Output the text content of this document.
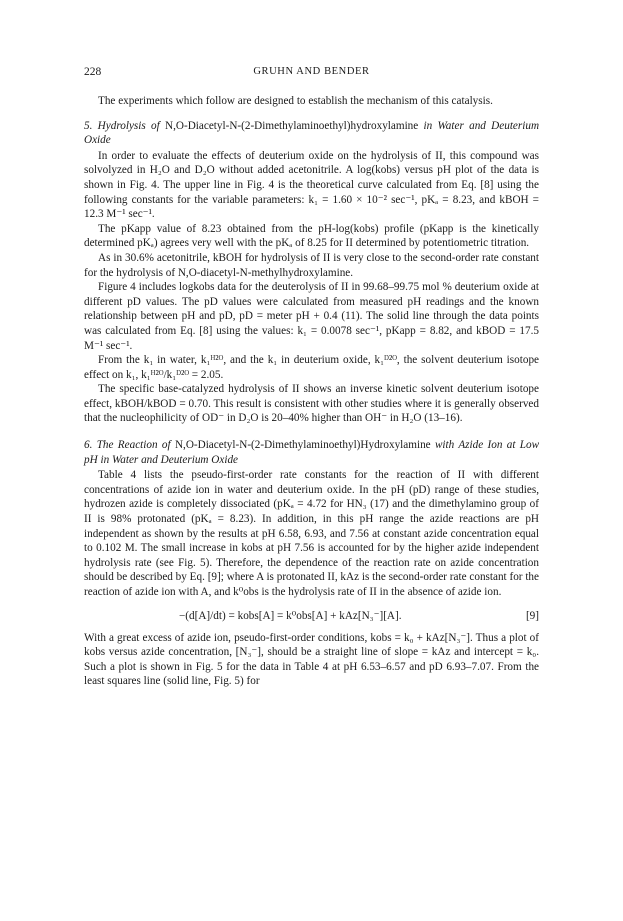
228	GRUHN AND BENDER

The experiments which follow are designed to establish the mechanism of this catalysis.

5. Hydrolysis of N,O-Diacetyl-N-(2-Dimethylaminoethyl)hydroxylamine in Water and Deuterium Oxide

In order to evaluate the effects of deuterium oxide on the hydrolysis of II, this compound was solvolyzed in H₂O and D₂O without added acetonitrile. A log(kobs) versus pH plot of the data is shown in Fig. 4. The upper line in Fig. 4 is the theoretical curve calculated from Eq. [8] using the following constants for the variable parameters: k₁ = 1.60 × 10⁻² sec⁻¹, pKₐ = 8.23, and kBOH = 12.3 M⁻¹ sec⁻¹.

The pKapp value of 8.23 obtained from the pH-log(kobs) profile (pKapp is the kinetically determined pKₐ) agrees very well with the pKₐ of 8.25 for II determined by potentiometric titration.

As in 30.6% acetonitrile, kBOH for hydrolysis of II is very close to the second-order rate constant for the hydrolysis of N,O-diacetyl-N-methylhydroxylamine.

Figure 4 includes logkobs data for the deuterolysis of II in 99.68–99.75 mol % deuterium oxide at different pD values. The pD values were calculated from measured pH readings and the known relationship between pH and pD, pD = meter pH + 0.4 (11). The solid line through the data points was calculated from Eq. [8] using the values: k₁ = 0.0078 sec⁻¹, pKapp = 8.82, and kBOD = 17.5 M⁻¹ sec⁻¹.

From the k₁ in water, k₁ᴴ²ᴼ, and the k₁ in deuterium oxide, k₁ᴰ²ᴼ, the solvent deuterium isotope effect on k₁, k₁ᴴ²ᴼ/k₁ᴰ²ᴼ = 2.05.

The specific base-catalyzed hydrolysis of II shows an inverse kinetic solvent deuterium isotope effect, kBOH/kBOD = 0.70. This result is consistent with other studies where it is generally observed that the nucleophilicity of OD⁻ in D₂O is 20–40% higher than OH⁻ in H₂O (13–16).

6. The Reaction of N,O-Diacetyl-N-(2-Dimethylaminoethyl)Hydroxylamine with Azide Ion at Low pH in Water and Deuterium Oxide

Table 4 lists the pseudo-first-order rate constants for the reaction of II with different concentrations of azide ion in water and deuterium oxide. In the pH (pD) range of these studies, hydrozen azide is completely dissociated (pKₐ = 4.72 for HN₃ (17) and the dimethylamino group of II is 98% protonated (pKₐ = 8.23). In addition, in this pH range the azide reactions are pH independent as shown by the results at pH 6.58, 6.93, and 7.56 at constant azide concentration equal to 0.102 M. The small increase in kobs at pH 7.56 is accounted for by the higher azide independent hydrolysis rate (see Fig. 5). Therefore, the dependence of the reaction rate on azide concentration should be described by Eq. [9]; where A is protonated II, kAz is the second-order rate constant for the reaction of azide ion with A, and k⁰obs is the hydrolysis rate of II in the absence of azide ion.

−(d[A]/dt) = kobs[A] = k⁰obs[A] + kAz[N₃⁻][A].	[9]

With a great excess of azide ion, pseudo-first-order conditions, kobs = k₀ + kAz[N₃⁻]. Thus a plot of kobs versus azide concentration, [N₃⁻], should be a straight line of slope = kAz and intercept = k₀. Such a plot is shown in Fig. 5 for the data in Table 4 at pH 6.53–6.57 and pD 6.93–7.07. From the least squares line (solid line, Fig. 5) for
